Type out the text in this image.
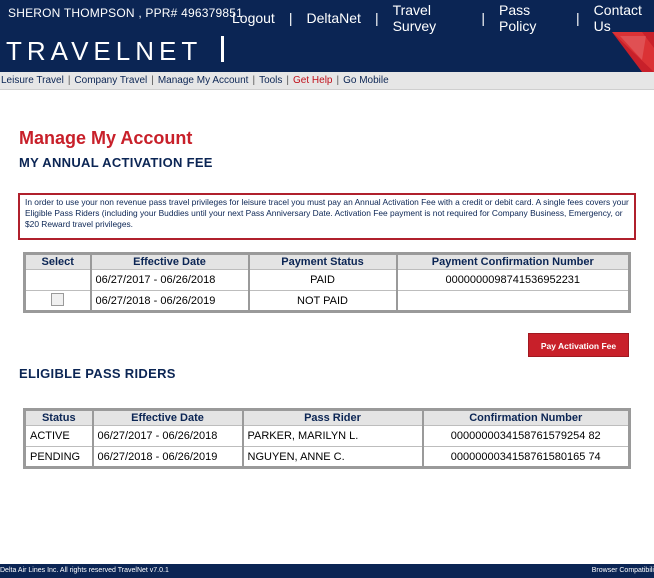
SHERON THOMPSON , PPR# 496379851
Logout | DeltaNet | Travel Survey	| Pass Policy	| Contact Us
TRAVELNET
Leisure Travel | Company Travel | Manage My Account | Tools | Get Help | Go Mobile
Manage My Account
MY ANNUAL ACTIVATION FEE
In order to use your non revenue pass travel privileges for leisure tracel you must pay an Annual Activation Fee with a credit or debit card. A single fees covers your Eligible Pass Riders (including your Buddies until your next Pass Anniversary Date. Activation Fee payment is not required for Company Business, Emergency, or $20 Reward travel privileges.
Select	Effective Date	Payment Status	Payment Confirmation Number
	06/27/2017 - 06/26/2018	PAID	0000000098741536952231
	06/27/2018 - 06/26/2019	NOT PAID	
Pay Activation Fee
ELIGIBLE PASS RIDERS
Status	Effective Date	Pass Rider	Confirmation Number
ACTIVE	06/27/2017 - 06/26/2018	PARKER, MARILYN L.	0000000034158761579254 82
PENDING	06/27/2018 - 06/26/2019	NGUYEN, ANNE C.	0000000034158761580165 74
Delta Air Lines Inc. All rights reserved TravelNet v7.0.1	Browser Compatibili
